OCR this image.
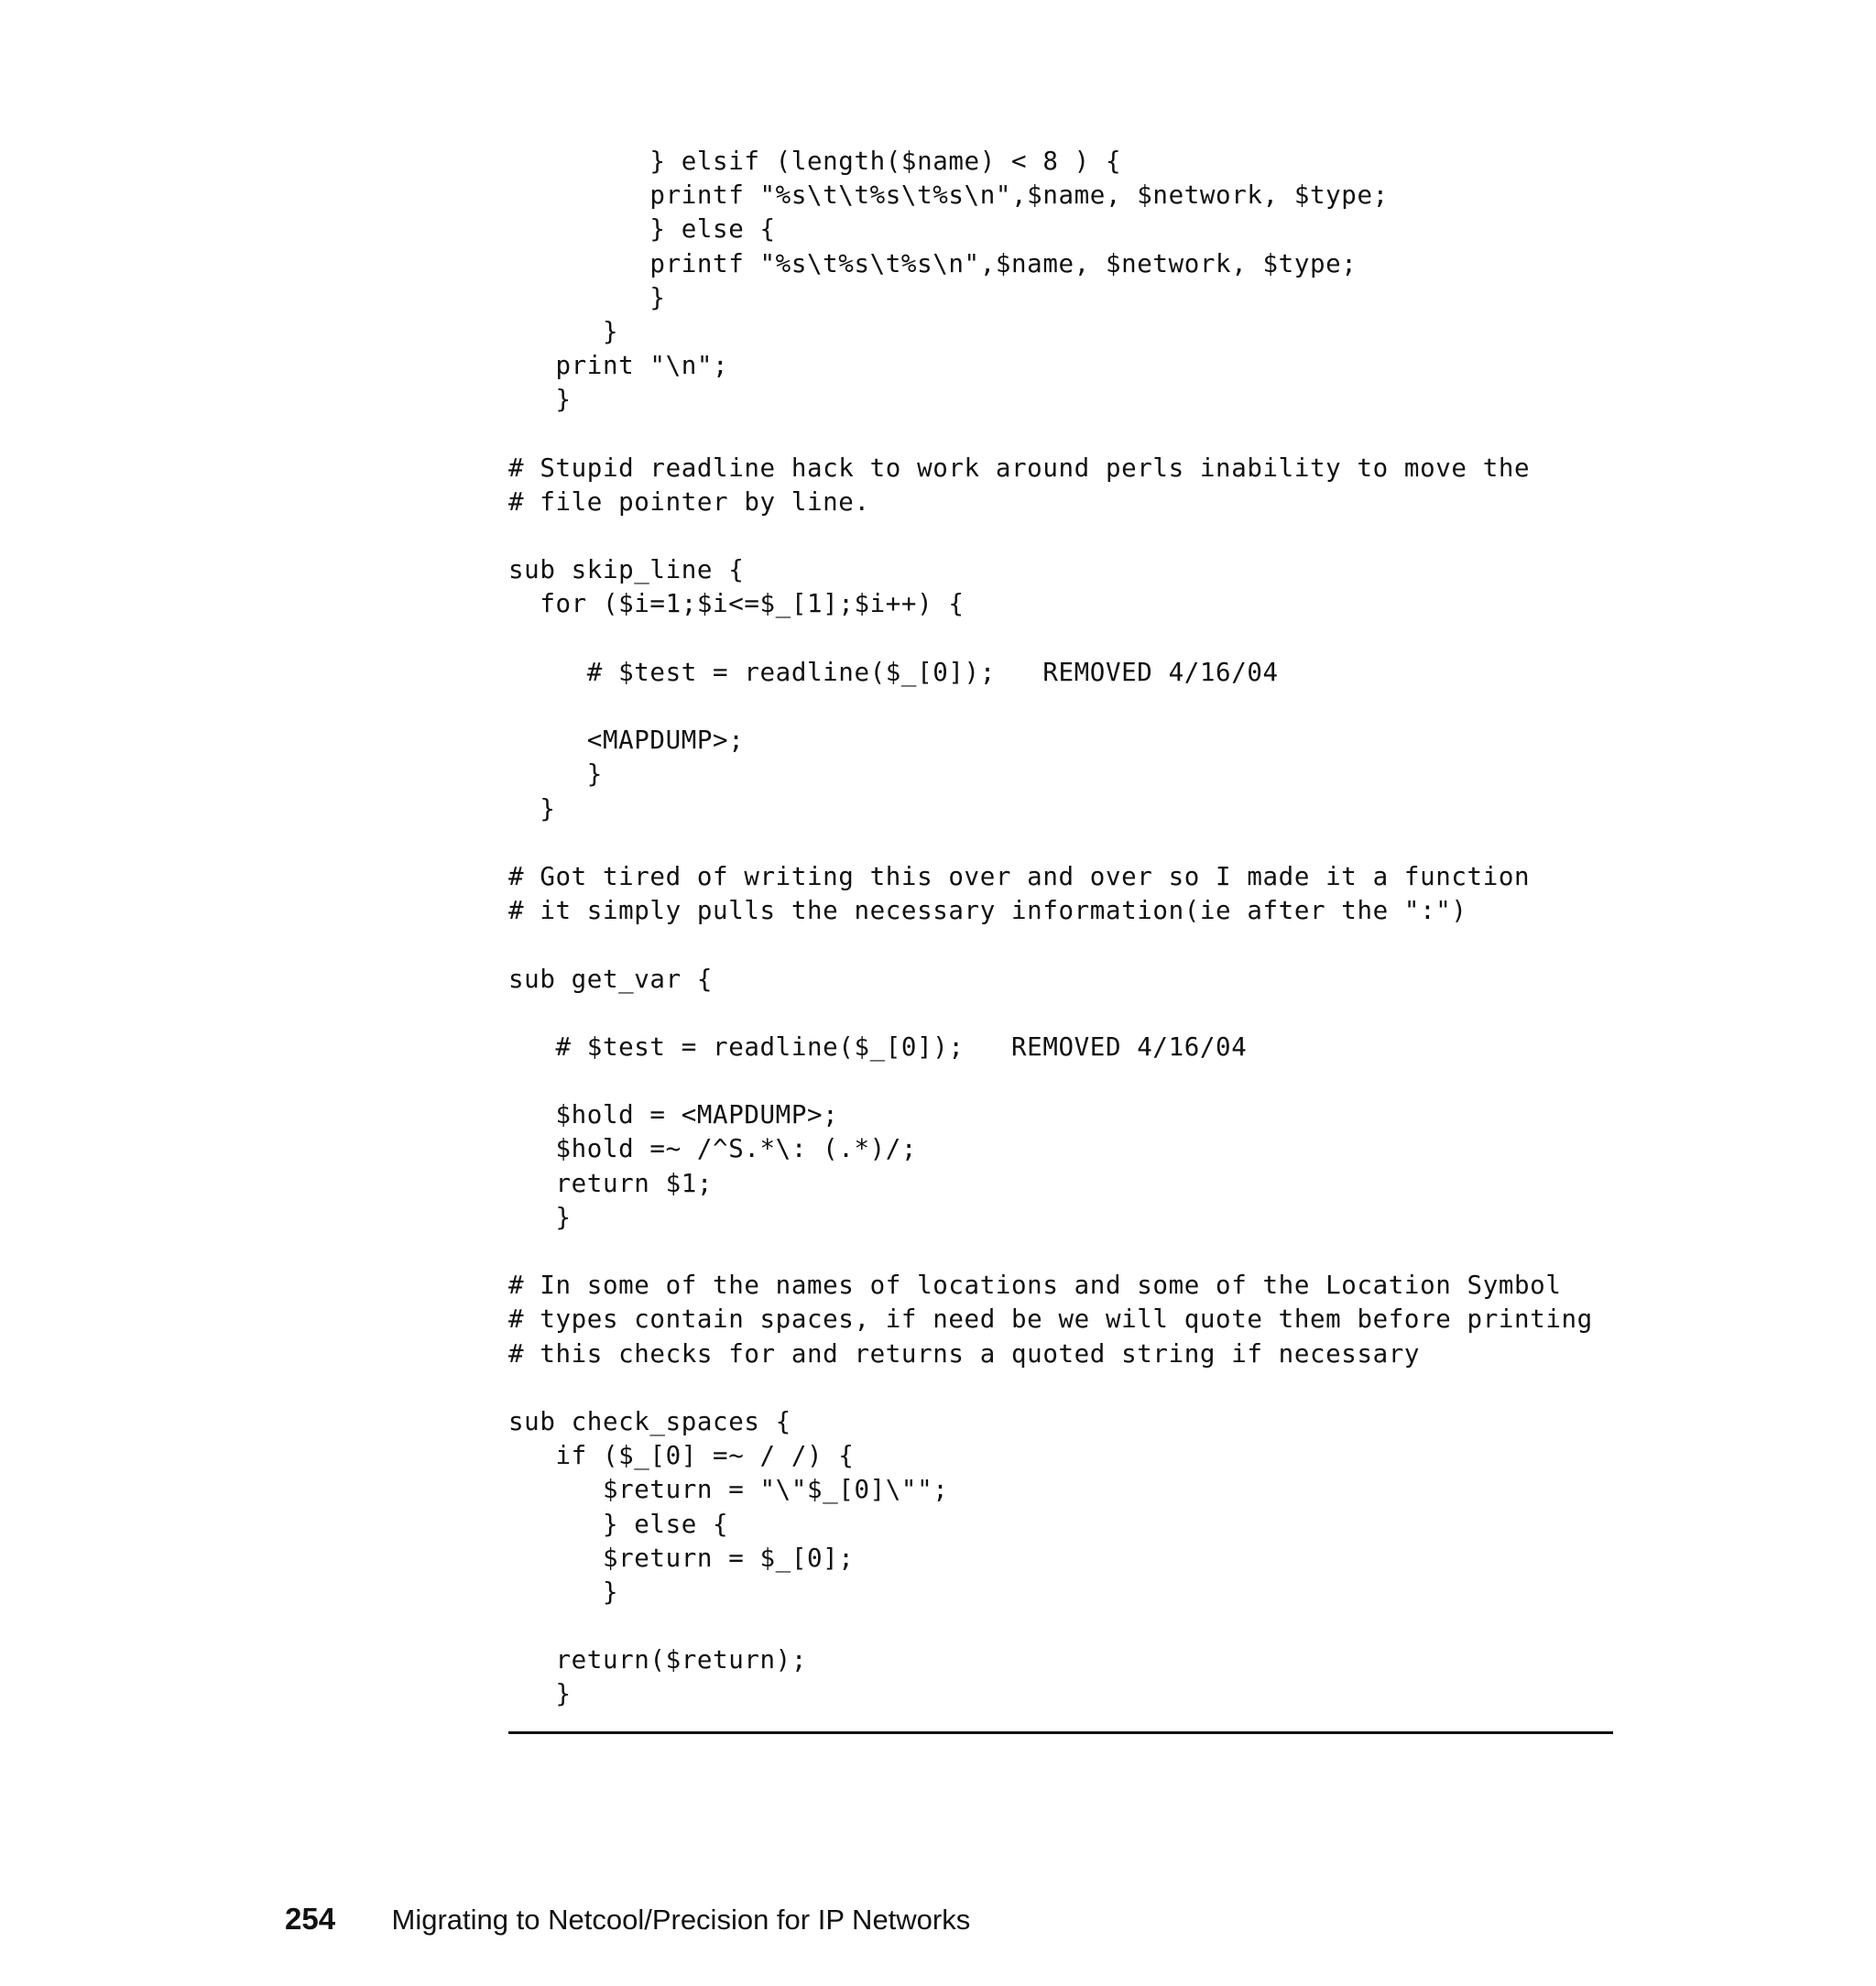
} elsif (length($name) < 8 ) {
printf "%s\t\t%s\t%s\n",$name, $network, $type;
} else {
printf "%s\t%s\t%s\n",$name, $network, $type;
}
}
print "\n";
}
# Stupid readline hack to work around perls inability to move the
# file pointer by line.
sub skip_line {
for ($i=1;$i<=$_[1];$i++) {
# $test = readline($_[0]);   REMOVED 4/16/04
<MAPDUMP>;
}
}
# Got tired of writing this over and over so I made it a function
# it simply pulls the necessary information(ie after the ":")
sub get_var {
# $test = readline($_[0]);   REMOVED 4/16/04
$hold = <MAPDUMP>;
$hold =~ /^S.*\: (.*)/;
return $1;
}
# In some of the names of locations and some of the Location Symbol
# types contain spaces, if need be we will quote them before printing
# this checks for and returns a quoted string if necessary
sub check_spaces {
if ($_[0] =~ / /) {
$return = "\"$_[0]\"";
} else {
$return = $_[0];
}
return($return);
}
254 Migrating to Netcool/Precision for IP Networks
